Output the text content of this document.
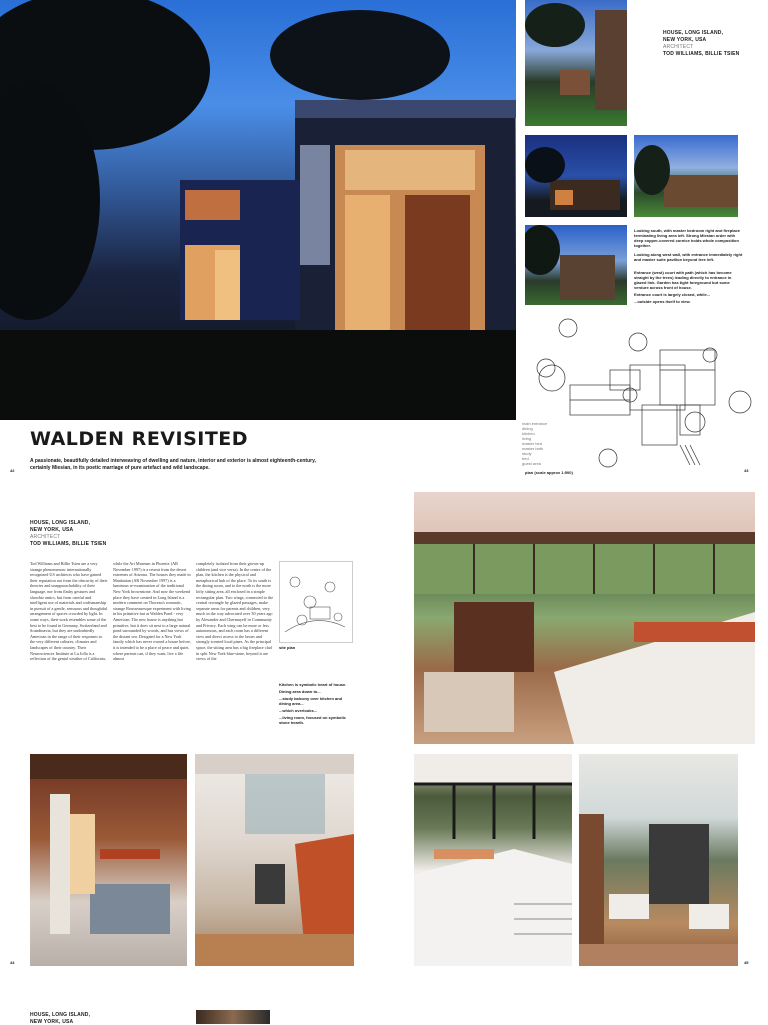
WALDEN REVISITED
A passionate, beautifully detailed interweaving of dwelling and nature, interior and exterior is almost eighteenth-century, certainly Miesian, in its poetic marriage of pure artefact and wild landscape.
42
HOUSE, LONG ISLAND,
NEW YORK, USA
ARCHITECT
TOD WILLIAMS, BILLIE TSIEN
Looking south, with master bedroom right and fireplace terminating living area left. Strong Miesian order with deep copper-covered cornice holds whole composition together.
Looking along west wall, with entrance immediately right and master suite pavilion beyond tree left.
Entrance (west) court with path (which has become straight by the trees) leading directly to entrance in glazed link. Garden has tight foreground but some verdure across front of house.
Entrance court is largely closed, while...
...outside opens itself to view.
main entrance
dining
kitchen
living
master bed
master bath
study
bed
guest area
plan (scale approx 1:500)	43
HOUSE, LONG ISLAND,
NEW YORK, USA
ARCHITECT
TOD WILLIAMS, BILLIE TSIEN
Tod Williams and Billie Tsien are a very strange phenomenon: internationally recognized US architects who have gained their reputation not from the obscurity of their theories and unapproachability of their language, nor from flashy gestures and showbiz antics, but from careful and intelligent use of materials and craftsmanship in pursuit of a gentle, sensuous and thoughtful arrangement of spaces crowded by light. In some ways, their work resembles some of the best to be found in Germany, Switzerland and Scandinavia, but they are undoubtedly American in the range of their responses to the very different cultures, climates and landscapes of their country. Their Neurosciences Institute at La Jolla is a reflection of the genial weather of California,
while the Art Museum in Phoenix (AR November 1997) is a retreat from the desert extremes of Arizona. The houses they made in Manhattan (AR November 1997) is a luminous re-examination of the traditional New York brownstone. And now the weekend place they have created in Long Island is a modern comment on Thoreau's romantic, strange Rousseauesque experiment with living in his primitive hut at Walden Pond - very American. The new house is anything but primitive, but it does sit next to a large natural pond surrounded by woods, and has views of the distant sea. Designed for a New York family which has never owned a house before, it is intended to be a place of peace and quiet, where parents can, if they want, live a life almost
completely isolated from their grown-up children (and vice versa). In the centre of the plan, the kitchen is the physical and metaphorical hub of the place. To its south is the dining room, and to the north is the more lofty sitting area, all enclosed in a simple rectangular plan. Two wings, connected to the central rectangle by glazed passages, make separate areas for parents and children, very much in the way advocated over 30 years ago by Alexander and Chermayeff in Community and Privacy. Each wing can be more or less autonomous, and each room has a different view and direct access to the lawns and strongly scented local pines. As the principal space, the sitting area has a big fireplace clad in split New York blue-stone, beyond it are views of the
site plan
Kitchen is symbolic heart of house.
Dining area down to...
...study balcony over kitchen and dining area...
...which overlooks...
...living room, focused on symbolic stone hearth.
44	45
HOUSE, LONG ISLAND,
NEW YORK, USA
